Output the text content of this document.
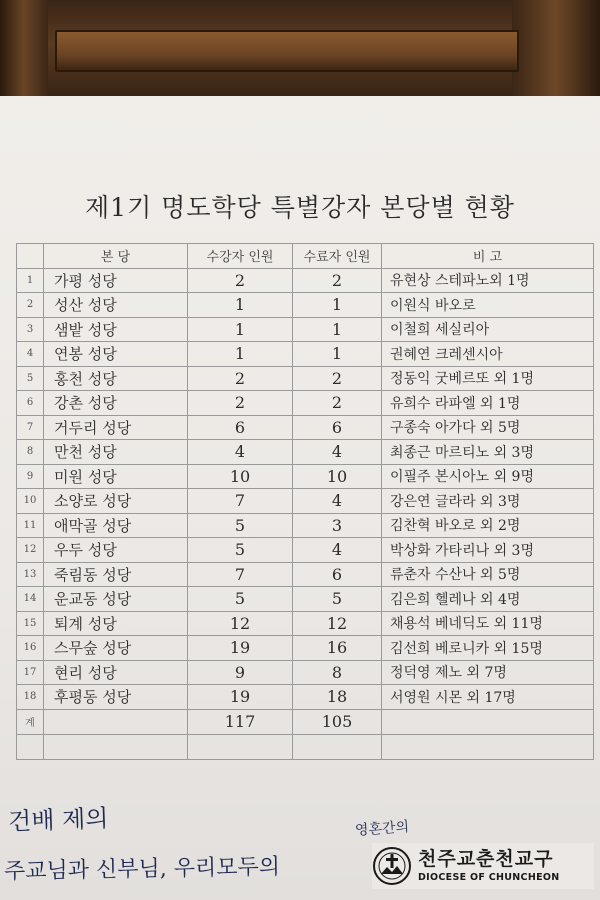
제1기 명도학당 특별강자 본당별 현황
	본 당	수강자 인원	수료자 인원	비 고
1	가평 성당	2	2	유현상 스테파노외 1명
2	성산 성당	1	1	이원식 바오로
3	샘밭 성당	1	1	이철희 세실리아
4	연봉 성당	1	1	권혜연 크레센시아
5	홍천 성당	2	2	정동익 굿베르또 외 1명
6	강촌 성당	2	2	유희수 라파엘 외 1명
7	거두리 성당	6	6	구종숙 아가다 외 5명
8	만천 성당	4	4	최종근 마르티노 외 3명
9	미원 성당	10	10	이필주 본시아노 외 9명
10	소양로 성당	7	4	강은연 글라라 외 3명
11	애막골 성당	5	3	김찬혁 바오로 외 2명
12	우두 성당	5	4	박상화 가타리나 외 3명
13	죽림동 성당	7	6	류춘자 수산나 외 5명
14	운교동 성당	5	5	김은희 헬레나 외 4명
15	퇴계 성당	12	12	채용석 베네딕도 외 11명
16	스무숲 성당	19	16	김선희 베로니카 외 15명
17	현리 성당	9	8	정덕영 제노 외 7명
18	후평동 성당	19	18	서영원 시몬 외 17명
계		117	105	

건배 제의	영혼간의
주교님과 신부님, 우리모두의	천주교춘천교구
DIOCESE OF CHUNCHEON
